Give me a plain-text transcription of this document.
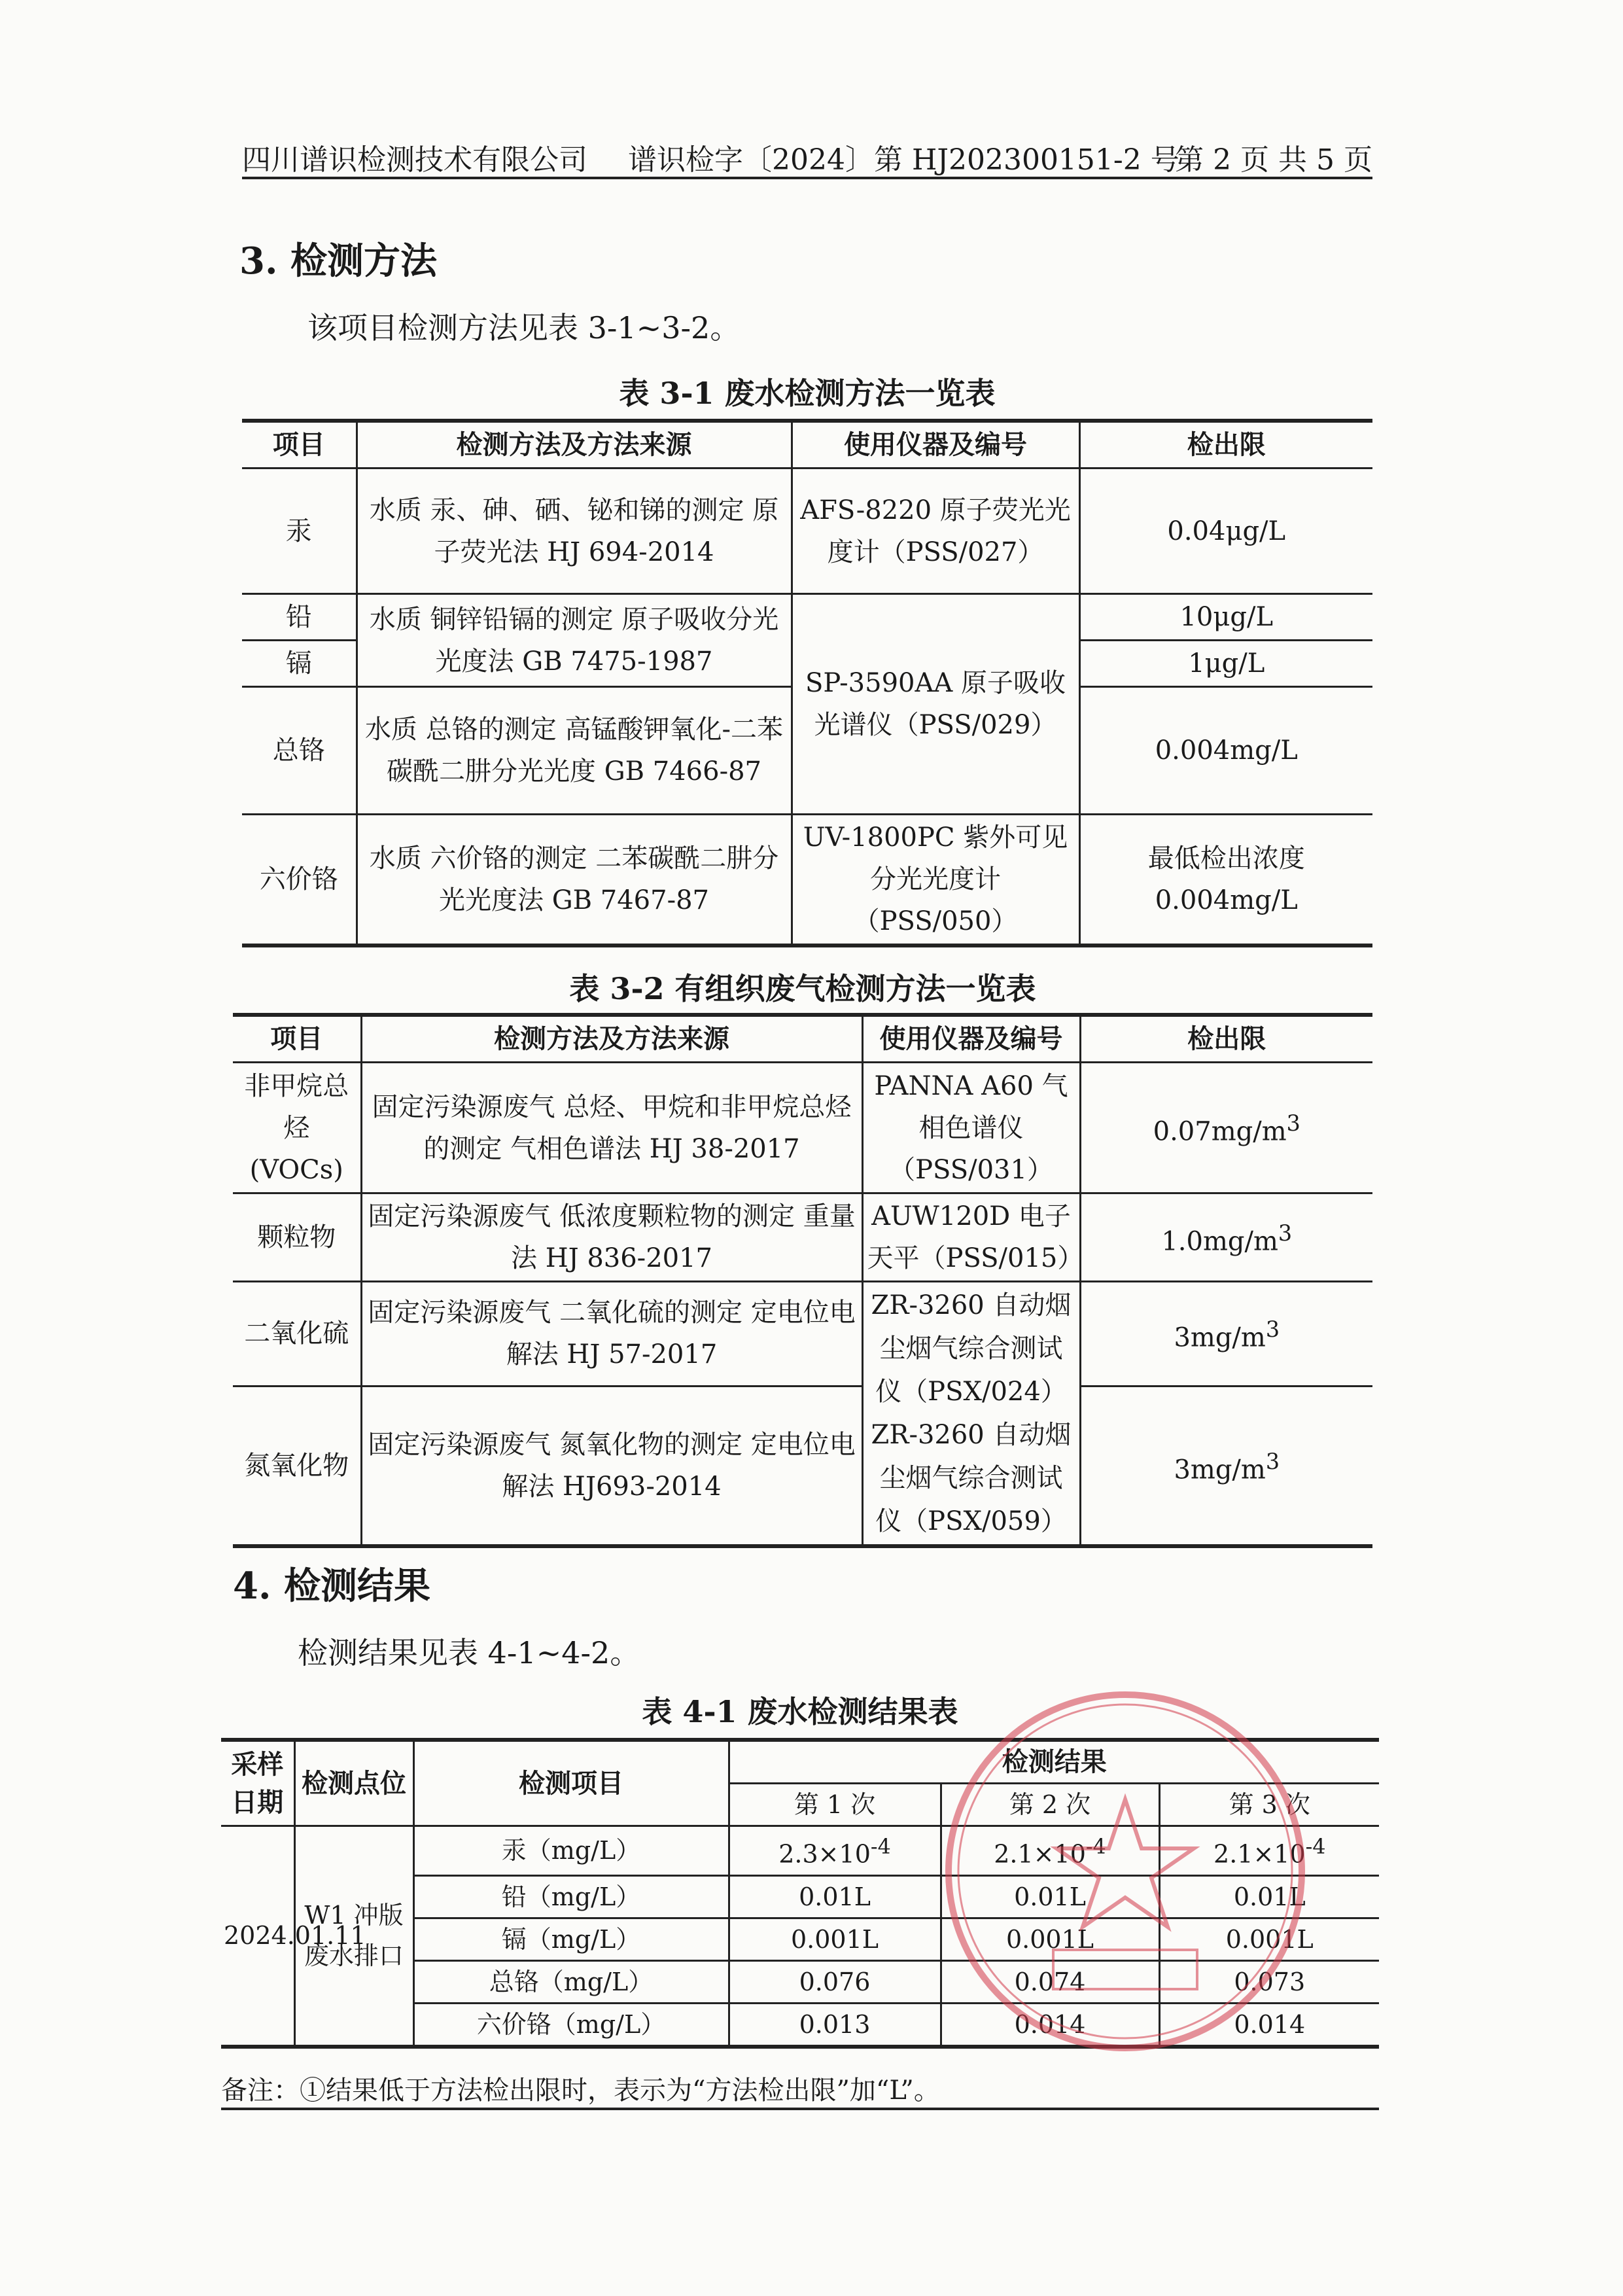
四川谱识检测技术有限公司 谱识检字〔2024〕第 HJ202300151-2 号
第 2 页 共 5 页
3. 检测方法
该项目检测方法见表 3-1~3-2。
表 3-1 废水检测方法一览表
项目	检测方法及方法来源	使用仪器及编号	检出限
汞	水质 汞、砷、硒、铋和锑的测定 原子荧光法 HJ 694-2014	AFS-8220 原子荧光光度计（PSS/027）	0.04μg/L
铅	水质 铜锌铅镉的测定 原子吸收分光光度法 GB 7475-1987	SP-3590AA 原子吸收光谱仪（PSS/029）	10μg/L
镉			1μg/L
总铬	水质 总铬的测定 高锰酸钾氧化-二苯碳酰二肼分光光度 GB 7466-87		0.004mg/L
六价铬	水质 六价铬的测定 二苯碳酰二肼分光光度法 GB 7467-87	UV-1800PC 紫外可见分光光度计（PSS/050）	最低检出浓度 0.004mg/L
表 3-2 有组织废气检测方法一览表
项目	检测方法及方法来源	使用仪器及编号	检出限
非甲烷总烃(VOCs)	固定污染源废气 总烃、甲烷和非甲烷总烃的测定 气相色谱法 HJ 38-2017	PANNA A60 气相色谱仪（PSS/031）	$0.07mg/m^3$
颗粒物	固定污染源废气 低浓度颗粒物的测定 重量法 HJ 836-2017	AUW120D 电子天平（PSS/015）	$1.0mg/m^3$
二氧化硫	固定污染源废气 二氧化硫的测定 定电位电解法 HJ 57-2017	ZR-3260 自动烟尘烟气综合测试仪（PSX/024）ZR-3260 自动烟尘烟气综合测试仪（PSX/059）	$3mg/m^3$
氮氧化物	固定污染源废气 氮氧化物的测定 定电位电解法 HJ693-2014		$3mg/m^3$
4. 检测结果
检测结果见表 4-1~4-2。
表 4-1 废水检测结果表
采样日期	检测点位	检测项目	检测结果		
			第 1 次	第 2 次	第 3 次
2024.01.11	W1 冲版废水排口	汞（mg/L）	$2.3\times 10^{-4}$	$2.1\times 10^{-4}$	$2.1\times 10^{-4}$
		铅（mg/L）	0.01L	0.01L	0.01L
		镉（mg/L）	0.001L	0.001L	0.001L
		总铬（mg/L）	0.076	0.074	0.073
		六价铬（mg/L）	0.013	0.014	0.014
备注：①结果低于方法检出限时，表示为“方法检出限”加“L”。
